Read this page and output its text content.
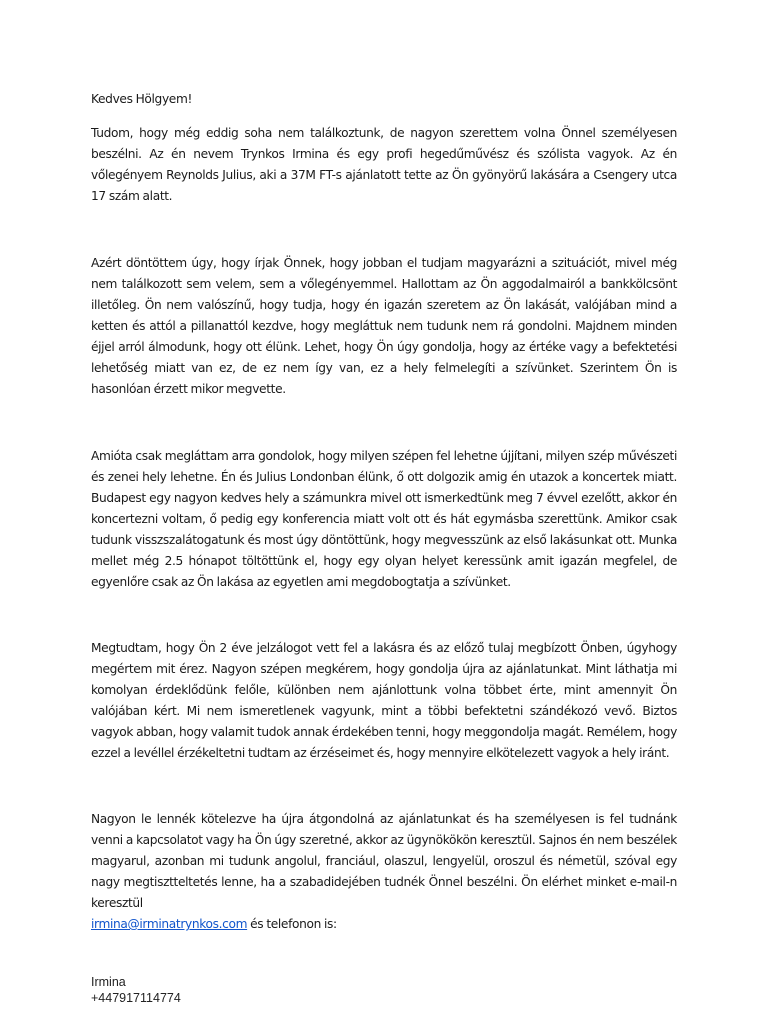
Kedves Hölgyem!

Tudom, hogy még eddig soha nem találkoztunk, de nagyon szerettem volna Önnel személyesen beszélni. Az én nevem Trynkos Irmina és egy profi hegedűművész és szólista vagyok. Az én vőlegényem Reynolds Julius, aki a 37M FT-s ajánlatott tette az Ön gyönyörű lakására a Csengery utca 17 szám alatt.

Azért döntöttem úgy, hogy írjak Önnek, hogy jobban el tudjam magyarázni a szituációt, mivel még nem találkozott sem velem, sem a vőlegényemmel. Hallottam az Ön aggodalmairól a bankkölcsönt illetőleg. Ön nem valószínű, hogy tudja, hogy én igazán szeretem az Ön lakását, valójában mind a ketten és attól a pillanattól kezdve, hogy megláttuk nem tudunk nem rá gondolni. Majdnem minden éjjel arról álmodunk, hogy ott élünk. Lehet, hogy Ön úgy gondolja, hogy az értéke vagy a befektetési lehetőség miatt van ez, de ez nem így van, ez a hely felmelegíti a szívünket. Szerintem Ön is hasonlóan érzett mikor megvette.

Amióta csak megláttam arra gondolok, hogy milyen szépen fel lehetne újjítani, milyen szép művészeti és zenei hely lehetne. Én és Julius Londonban élünk, ő ott dolgozik amig én utazok a koncertek miatt. Budapest egy nagyon kedves hely a számunkra mivel ott ismerkedtünk meg 7 évvel ezelőtt, akkor én koncertezni voltam, ő pedig egy konferencia miatt volt ott és hát egymásba szerettünk. Amikor csak tudunk visszszalátogatunk és most úgy döntöttünk, hogy megvesszünk az első lakásunkat ott. Munka mellet még 2.5 hónapot töltöttünk el, hogy egy olyan helyet keressünk amit igazán megfelel, de egyenlőre csak az Ön lakása az egyetlen ami megdobogtatja a szívünket.

Megtudtam, hogy Ön 2 éve jelzálogot vett fel a lakásra és az előző tulaj megbízott Önben, úgyhogy megértem mit érez. Nagyon szépen megkérem, hogy gondolja újra az ajánlatunkat. Mint láthatja mi komolyan érdeklődünk felőle, különben nem ajánlottunk volna többet érte, mint amennyit Ön valójában kért. Mi nem ismeretlenek vagyunk, mint a többi befektetni szándékozó vevő. Biztos vagyok abban, hogy valamit tudok annak érdekében tenni, hogy meggondolja magát. Remélem, hogy ezzel a levéllel érzékeltetni tudtam az érzéseimet és, hogy mennyire elkötelezett vagyok a hely iránt.

Nagyon le lennék kötelezve ha újra átgondolná az ajánlatunkat és ha személyesen is fel tudnánk venni a kapcsolatot vagy ha Ön úgy szeretné, akkor az ügynökökön keresztül. Sajnos én nem beszélek magyarul, azonban mi tudunk angolul, franciául, olaszul, lengyelül, oroszul és németül, szóval egy nagy megtisztteltetés lenne, ha a szabadidejében tudnék Önnel beszélni. Ön elérhet minket e-mail-n keresztül
irmina@irminatrynkos.com és telefonon is:

Irmina
+447917114774
